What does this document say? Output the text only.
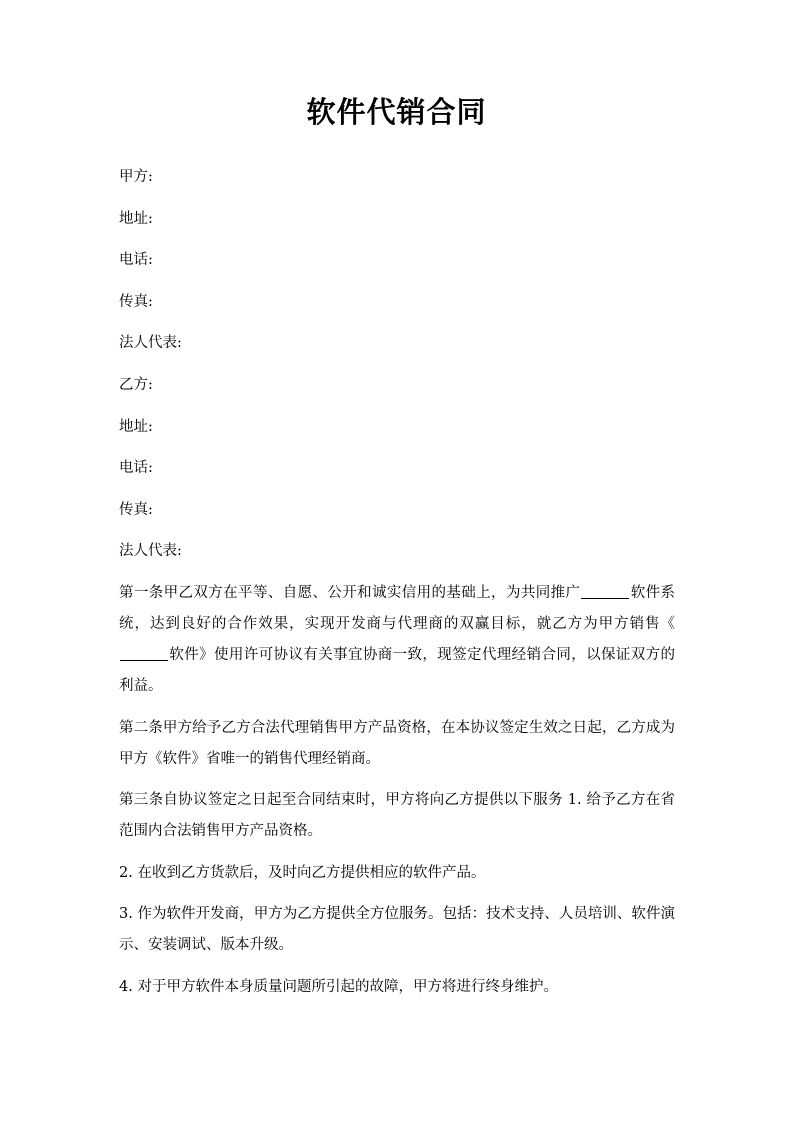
软件代销合同
甲方:
地址:
电话:
传真:
法人代表:
乙方:
地址:
电话:
传真:
法人代表:
第一条甲乙双方在平等、自愿、公开和诚实信用的基础上，为共同推广	软件系统，达到良好的合作效果，实现开发商与代理商的双赢目标，就乙方为甲方销售《软件》使用许可协议有关事宜协商一致，现签定代理经销合同，以保证双方的利益。
第二条甲方给予乙方合法代理销售甲方产品资格，在本协议签定生效之日起，乙方成为甲方《软件》省唯一的销售代理经销商。
第三条自协议签定之日起至合同结束时，甲方将向乙方提供以下服务 1. 给予乙方在省范围内合法销售甲方产品资格。
2. 在收到乙方货款后，及时向乙方提供相应的软件产品。
3. 作为软件开发商，甲方为乙方提供全方位服务。包括：技术支持、人员培训、软件演示、安装调试、版本升级。
4. 对于甲方软件本身质量问题所引起的故障，甲方将进行终身维护。
